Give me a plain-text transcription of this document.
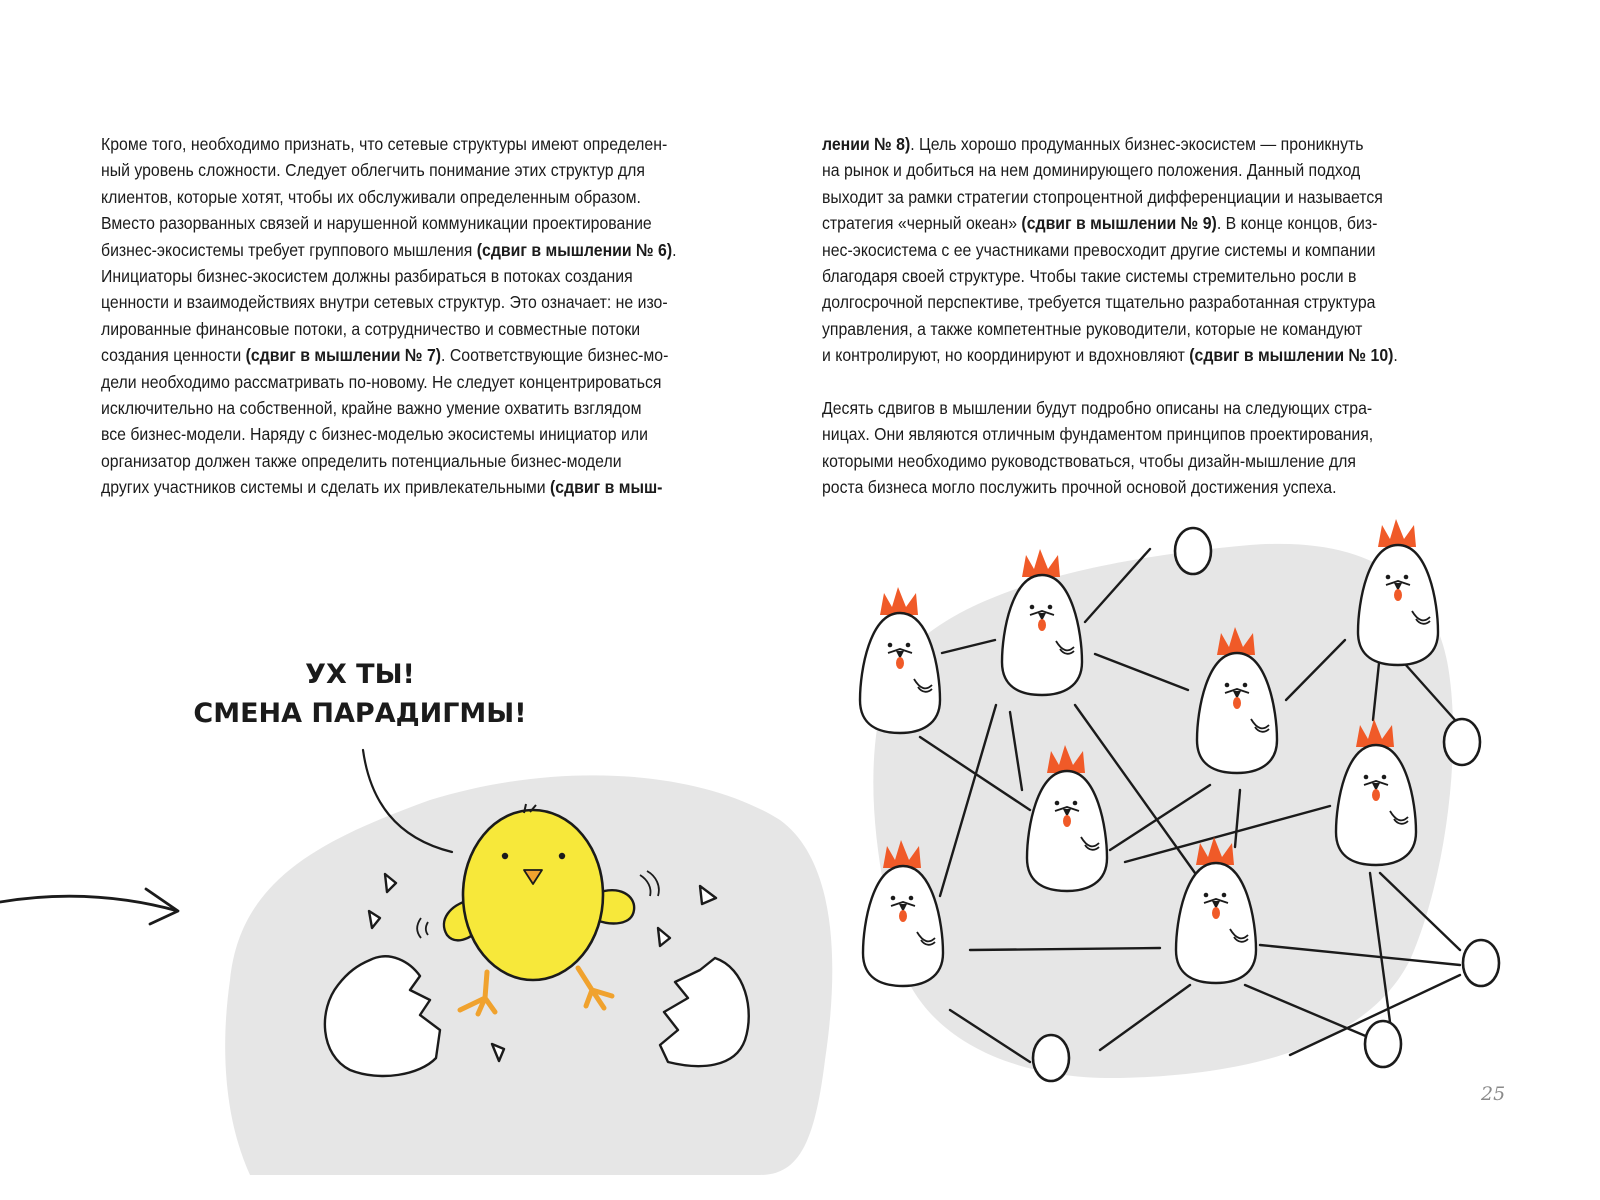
Кроме того, необходимо признать, что сетевые структуры имеют определен-
ный уровень сложности. Следует облегчить понимание этих структур для
клиентов, которые хотят, чтобы их обслуживали определенным образом.
Вместо разорванных связей и нарушенной коммуникации проектирование
бизнес-экосистемы требует группового мышления (сдвиг в мышлении № 6).
Инициаторы бизнес-экосистем должны разбираться в потоках создания
ценности и взаимодействиях внутри сетевых структур. Это означает: не изо-
лированные финансовые потоки, а сотрудничество и совместные потоки
создания ценности (сдвиг в мышлении № 7). Соответствующие бизнес-мо-
дели необходимо рассматривать по-новому. Не следует концентрироваться
исключительно на собственной, крайне важно умение охватить взглядом
все бизнес-модели. Наряду с бизнес-моделью экосистемы инициатор или
организатор должен также определить потенциальные бизнес-модели
других участников системы и сделать их привлекательными (сдвиг в мыш-
лении № 8). Цель хорошо продуманных бизнес-экосистем — проникнуть
на рынок и добиться на нем доминирующего положения. Данный подход
выходит за рамки стратегии стопроцентной дифференциации и называется
стратегия «черный океан» (сдвиг в мышлении № 9). В конце концов, биз-
нес-экосистема с ее участниками превосходит другие системы и компании
благодаря своей структуре. Чтобы такие системы стремительно росли в
долгосрочной перспективе, требуется тщательно разработанная структура
управления, а также компетентные руководители, которые не командуют
и контролируют, но координируют и вдохновляют (сдвиг в мышлении № 10).
Десять сдвигов в мышлении будут подробно описаны на следующих стра-
ницах. Они являются отличным фундаментом принципов проектирования,
которыми необходимо руководствоваться, чтобы дизайн-мышление для
роста бизнеса могло послужить прочной основой достижения успеха.
УХ ТЫ!
СМЕНА ПАРАДИГМЫ!
25
